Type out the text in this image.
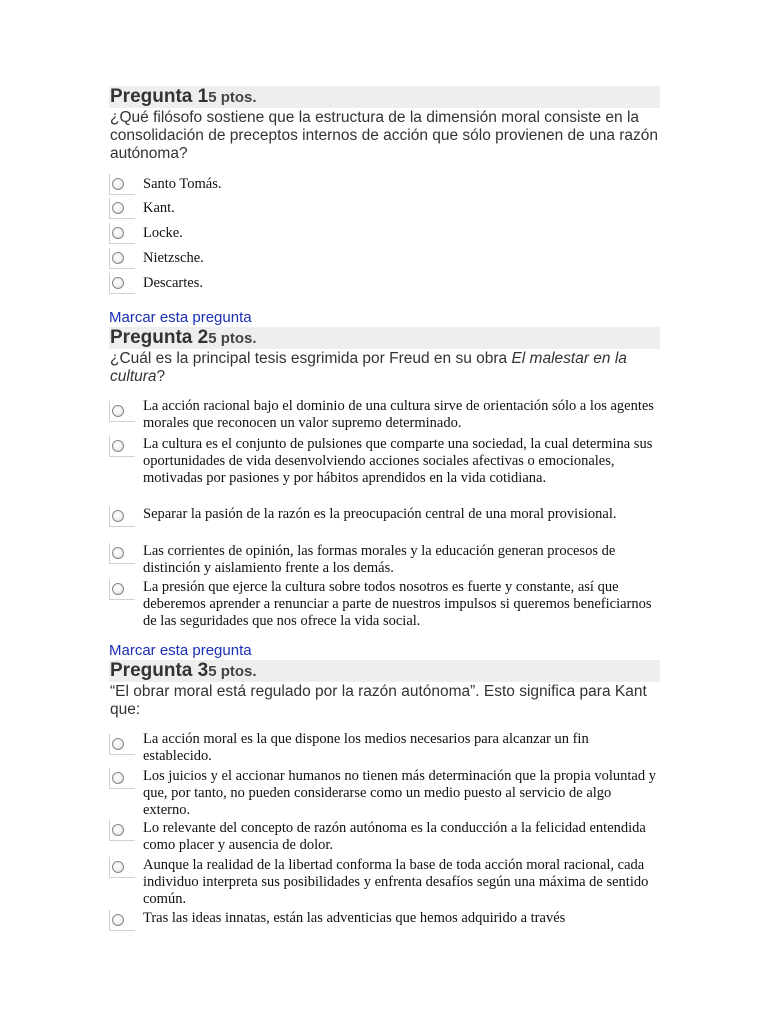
Pregunta 15 ptos.
¿Qué filósofo sostiene que la estructura de la dimensión moral consiste en la consolidación de preceptos internos de acción que sólo provienen de una razón autónoma?
Santo Tomás.
Kant.
Locke.
Nietzsche.
Descartes.
Marcar esta pregunta
Pregunta 25 ptos.
¿Cuál es la principal tesis esgrimida por Freud en su obra El malestar en la cultura?
La acción racional bajo el dominio de una cultura sirve de orientación sólo a los agentes morales que reconocen un valor supremo determinado.
La cultura es el conjunto de pulsiones que comparte una sociedad, la cual determina sus oportunidades de vida desenvolviendo acciones sociales afectivas o emocionales, motivadas por pasiones y por hábitos aprendidos en la vida cotidiana.
Separar la pasión de la razón es la preocupación central de una moral provisional.
Las corrientes de opinión, las formas morales y la educación generan procesos de distinción y aislamiento frente a los demás.
La presión que ejerce la cultura sobre todos nosotros es fuerte y constante, así que deberemos aprender a renunciar a parte de nuestros impulsos si queremos beneficiarnos de las seguridades que nos ofrece la vida social.
Marcar esta pregunta
Pregunta 35 ptos.
“El obrar moral está regulado por la razón autónoma”. Esto significa para Kant que:
La acción moral es la que dispone los medios necesarios para alcanzar un fin establecido.
Los juicios y el accionar humanos no tienen más determinación que la propia voluntad y que, por tanto, no pueden considerarse como un medio puesto al servicio de algo externo.
Lo relevante del concepto de razón autónoma es la conducción a la felicidad entendida como placer y ausencia de dolor.
Aunque la realidad de la libertad conforma la base de toda acción moral racional, cada individuo interpreta sus posibilidades y enfrenta desafíos según una máxima de sentido común.
Tras las ideas innatas, están las adventicias que hemos adquirido a través
